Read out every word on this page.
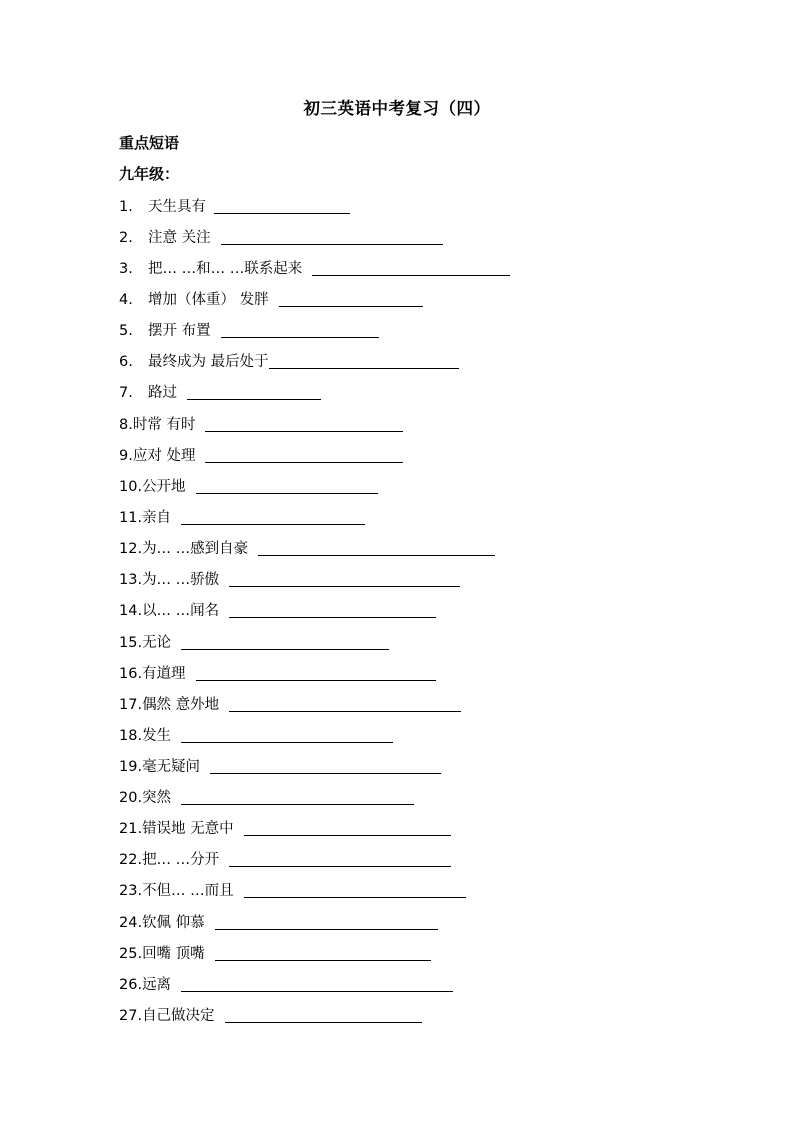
初三英语中考复习（四）
重点短语
九年级：
1.	天生具有
2.	注意 关注
3.	把… …和… …联系起来
4.	增加（体重） 发胖
5.	摆开 布置
6.	最终成为 最后处于
7.	路过
8. 时常 有时
9. 应对 处理
10. 公开地
11. 亲自
12. 为… …感到自豪
13. 为… …骄傲
14. 以… …闻名
15. 无论
16. 有道理
17. 偶然 意外地
18. 发生
19. 毫无疑问
20. 突然
21. 错误地 无意中
22. 把… …分开
23. 不但… …而且
24. 钦佩 仰慕
25. 回嘴 顶嘴
26. 远离
27. 自己做决定
